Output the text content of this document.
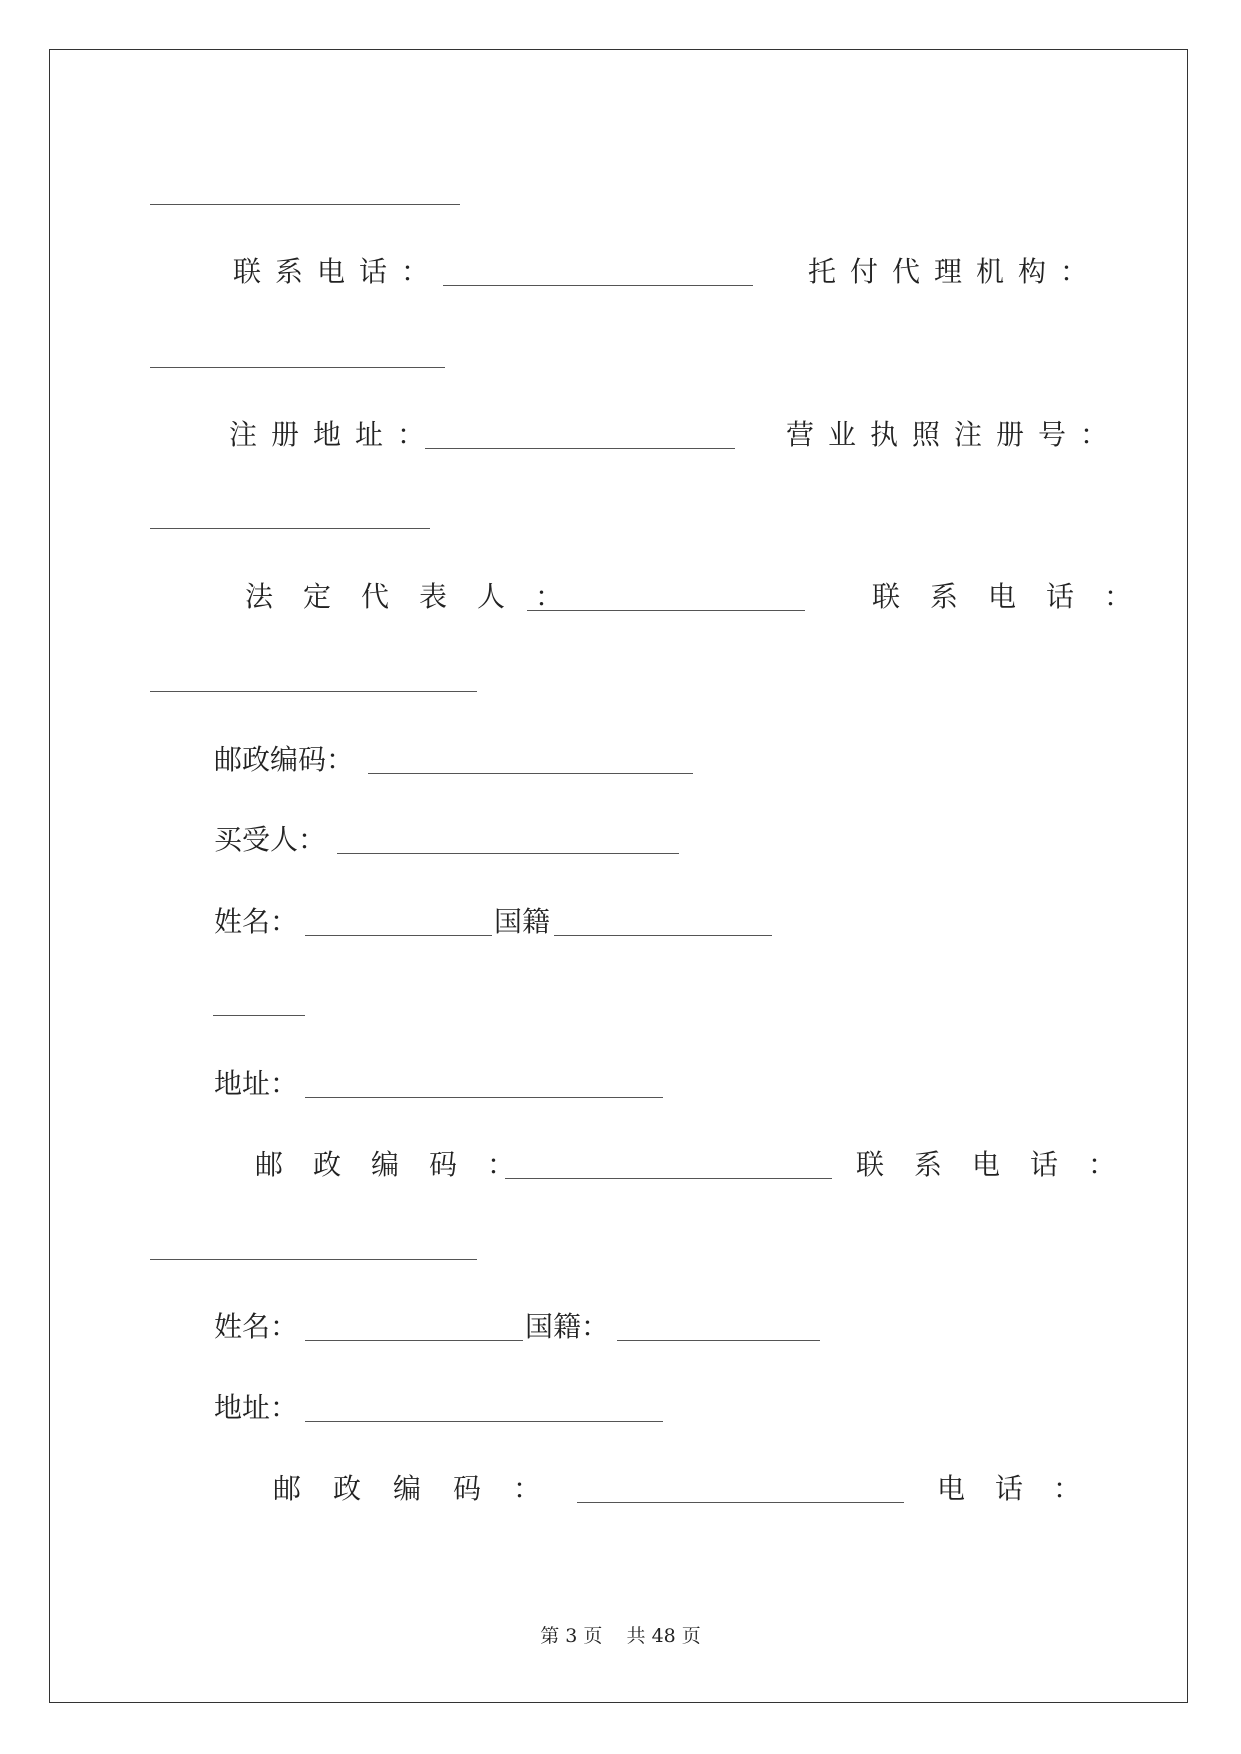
联系电话：	托付代理机构：
注册地址：	营业执照注册号：
法定代表人：	联系电话：
邮政编码：
买受人：
姓名：	国籍
地址：
邮政编码：	联系电话：
姓名：	国籍：
地址：
邮政编码：	电话：
第 3 页 共 48 页
